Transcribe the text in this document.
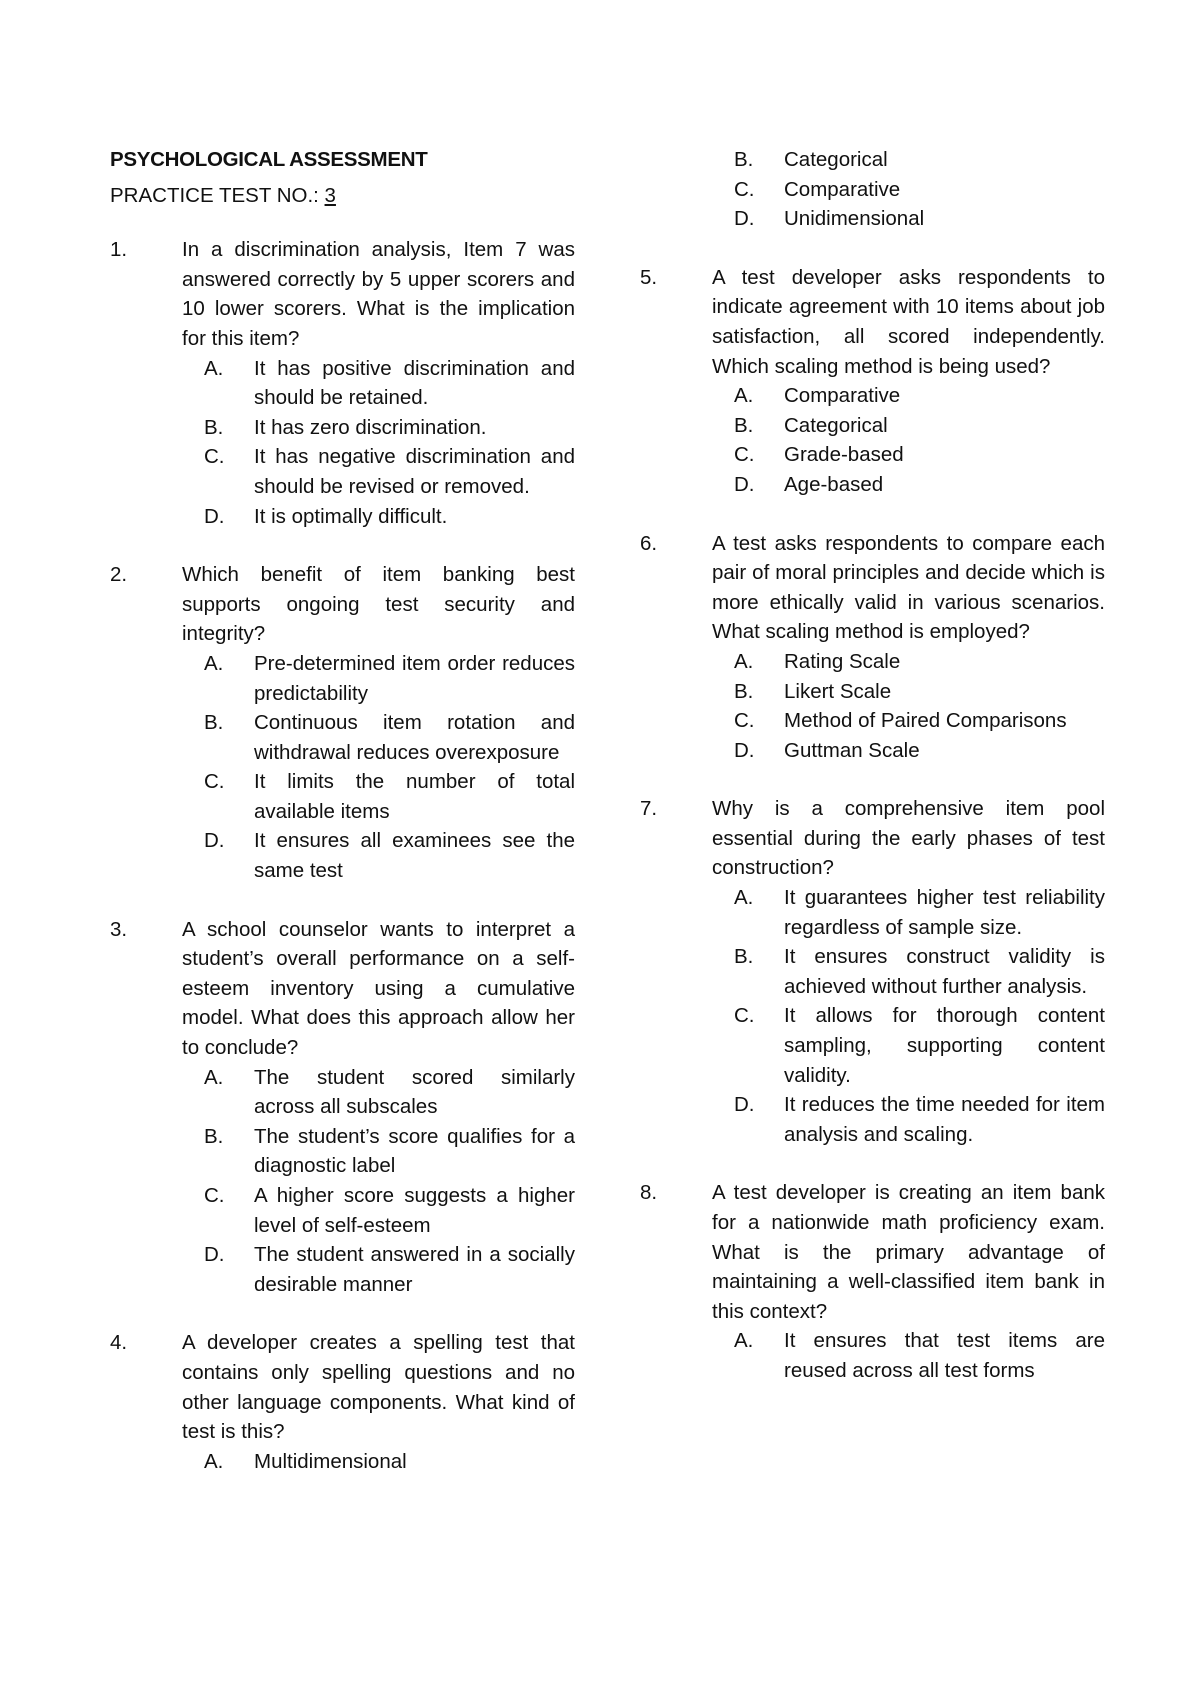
PSYCHOLOGICAL ASSESSMENT

PRACTICE TEST NO.: 3

1.	In a discrimination analysis, Item 7 was answered correctly by 5 upper scorers and 10 lower scorers. What is the implication for this item?
A.	It has positive discrimination and should be retained.
B.	It has zero discrimination.
C.	It has negative discrimination and should be revised or removed.
D.	It is optimally difficult.
2.	Which benefit of item banking best supports ongoing test security and integrity?
A.	Pre-determined item order reduces predictability
B.	Continuous item rotation and withdrawal reduces overexposure
C.	It limits the number of total available items
D.	It ensures all examinees see the same test
3.	A school counselor wants to interpret a student’s overall performance on a self-esteem inventory using a cumulative model. What does this approach allow her to conclude?
A.	The student scored similarly across all subscales
B.	The student’s score qualifies for a diagnostic label
C.	A higher score suggests a higher level of self-esteem
D.	The student answered in a socially desirable manner
4.	A developer creates a spelling test that contains only spelling questions and no other language components. What kind of test is this?
A.	Multidimensional
B.	Categorical
C.	Comparative
D.	Unidimensional
5.	A test developer asks respondents to indicate agreement with 10 items about job satisfaction, all scored independently. Which scaling method is being used?
A.	Comparative
B.	Categorical
C.	Grade-based
D.	Age-based
6.	A test asks respondents to compare each pair of moral principles and decide which is more ethically valid in various scenarios. What scaling method is employed?
A.	Rating Scale
B.	Likert Scale
C.	Method of Paired Comparisons
D.	Guttman Scale
7.	Why is a comprehensive item pool essential during the early phases of test construction?
A.	It guarantees higher test reliability regardless of sample size.
B.	It ensures construct validity is achieved without further analysis.
C.	It allows for thorough content sampling, supporting content validity.
D.	It reduces the time needed for item analysis and scaling.
8.	A test developer is creating an item bank for a nationwide math proficiency exam. What is the primary advantage of maintaining a well-classified item bank in this context?
A.	It ensures that test items are reused across all test forms
